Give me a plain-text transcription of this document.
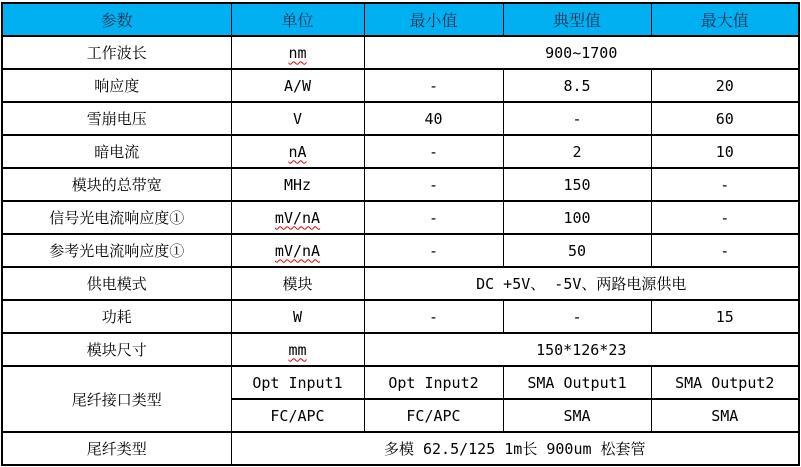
参数	单位	最小值	典型值	最大值
工作波长	nm	900~1700		
响应度	A/W	-	8.5	20
雪崩电压	V	40	-	60
暗电流	nA	-	2	10
模块的总带宽	MHz	-	150	-
信号光电流响应度①	mV/nA	-	100	-
参考光电流响应度①	mV/nA	-	50	-
供电模式	模块	DC +5V、 -5V、两路电源供电		
功耗	W	-	-	15
模块尺寸	mm	150*126*23		
尾纤接口类型	Opt Input1	Opt Input2	SMA Output1	SMA Output2
	FC/APC	FC/APC	SMA	SMA
尾纤类型	多模 62.5/125 1m长 900um 松套管			
